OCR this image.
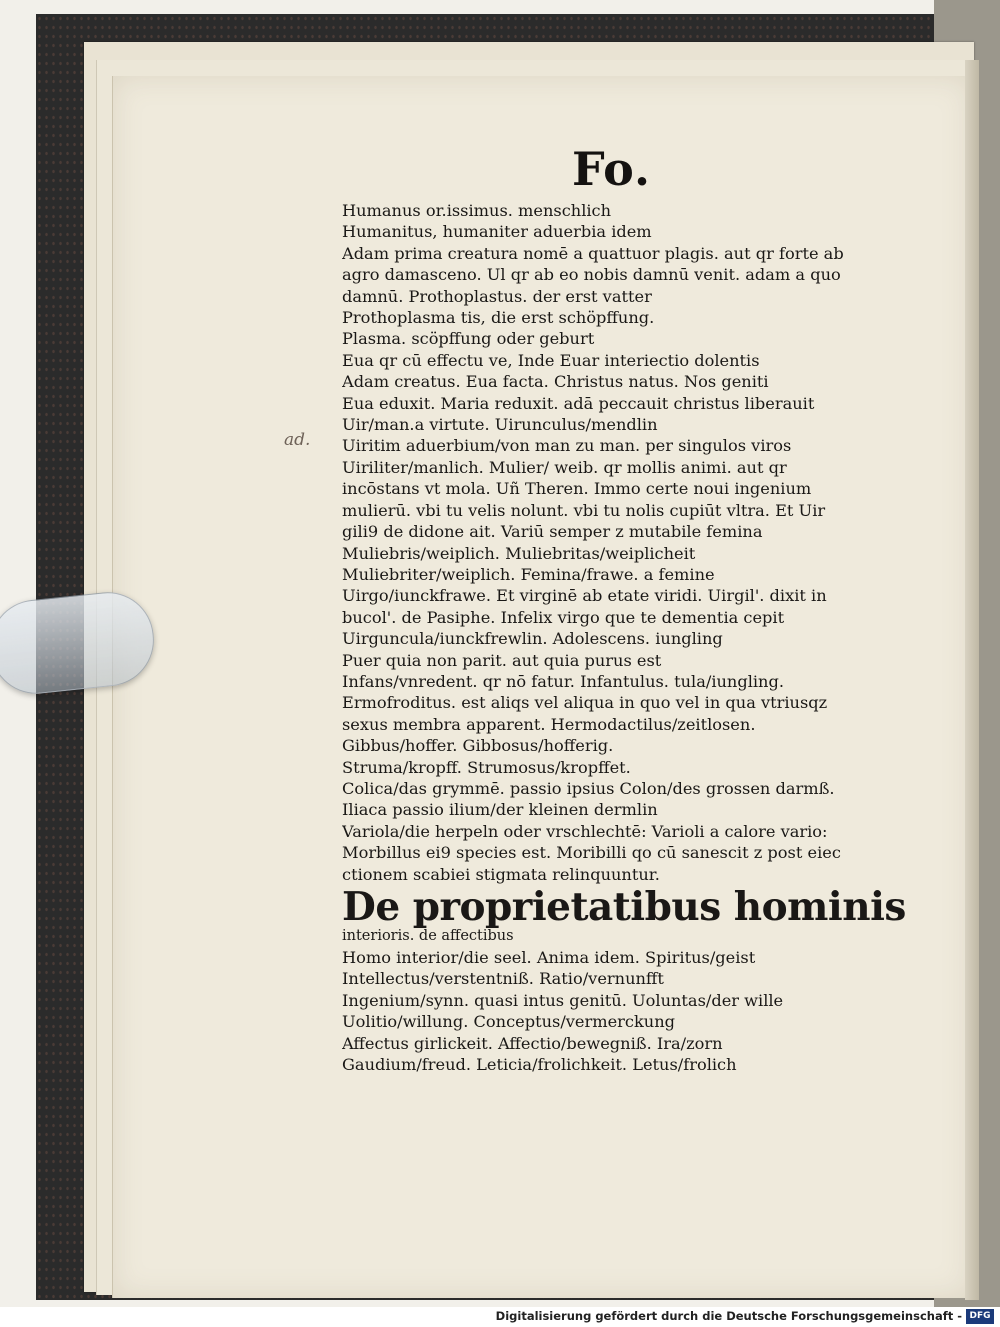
Fo.
ad.
Humanus or.issimus. menschlich
Humanitus, humaniter aduerbia idem
Adam prima creatura nomē a quattuor plagis. aut qr forte ab
agro damasceno. Ul qr ab eo nobis damnū venit. adam a quo
damnū. Prothoplastus. der erst vatter
Prothoplasma tis, die erst schöpffung.
Plasma. scöpffung oder geburt
Eua qr cū effectu ve, Inde Euar interiectio dolentis
Adam creatus. Eua facta. Christus natus. Nos geniti
Eua eduxit. Maria reduxit. adā peccauit christus liberauit
Uir/man.a virtute. Uirunculus/mendlin
Uiritim aduerbium/von man zu man. per singulos viros
Uiriliter/manlich. Mulier/ weib. qr mollis animi. aut qr
incōstans vt mola. Uñ Theren. Immo certe noui ingenium
mulierū. vbi tu velis nolunt. vbi tu nolis cupiūt vltra. Et Uir
gili9 de didone ait. Variū semper z mutabile femina
Muliebris/weiplich. Muliebritas/weiplicheit
Muliebriter/weiplich. Femina/frawe. a femine
Uirgo/iunckfrawe. Et virginē ab etate viridi. Uirgil'. dixit in
bucol'. de Pasiphe. Infelix virgo que te dementia cepit
Uirguncula/iunckfrewlin. Adolescens. iungling
Puer quia non parit. aut quia purus est
Infans/vnredent. qr nō fatur. Infantulus. tula/iungling.
Ermofroditus. est aliqs vel aliqua in quo vel in qua vtriusqz
sexus membra apparent. Hermodactilus/zeitlosen.
Gibbus/hoffer. Gibbosus/hofferig.
Struma/kropff. Strumosus/kropffet.
Colica/das grymmē. passio ipsius Colon/des grossen darmß.
Iliaca passio ilium/der kleinen dermlin
Variola/die herpeln oder vrschlechtē: Varioli a calore vario:
Morbillus ei9 species est. Moribilli qo cū sanescit z post eiec
ctionem scabiei stigmata relinquuntur.
De proprietatibus hominis
interioris. de affectibus
Homo interior/die seel. Anima idem. Spiritus/geist
Intellectus/verstentniß. Ratio/vernunfft
Ingenium/synn. quasi intus genitū. Uoluntas/der wille
Uolitio/willung. Conceptus/vermerckung
Affectus girlickeit. Affectio/bewegniß. Ira/zorn
Gaudium/freud. Leticia/frolichkeit. Letus/frolich
Digitalisierung gefördert durch die Deutsche Forschungsgemeinschaft - DFG
